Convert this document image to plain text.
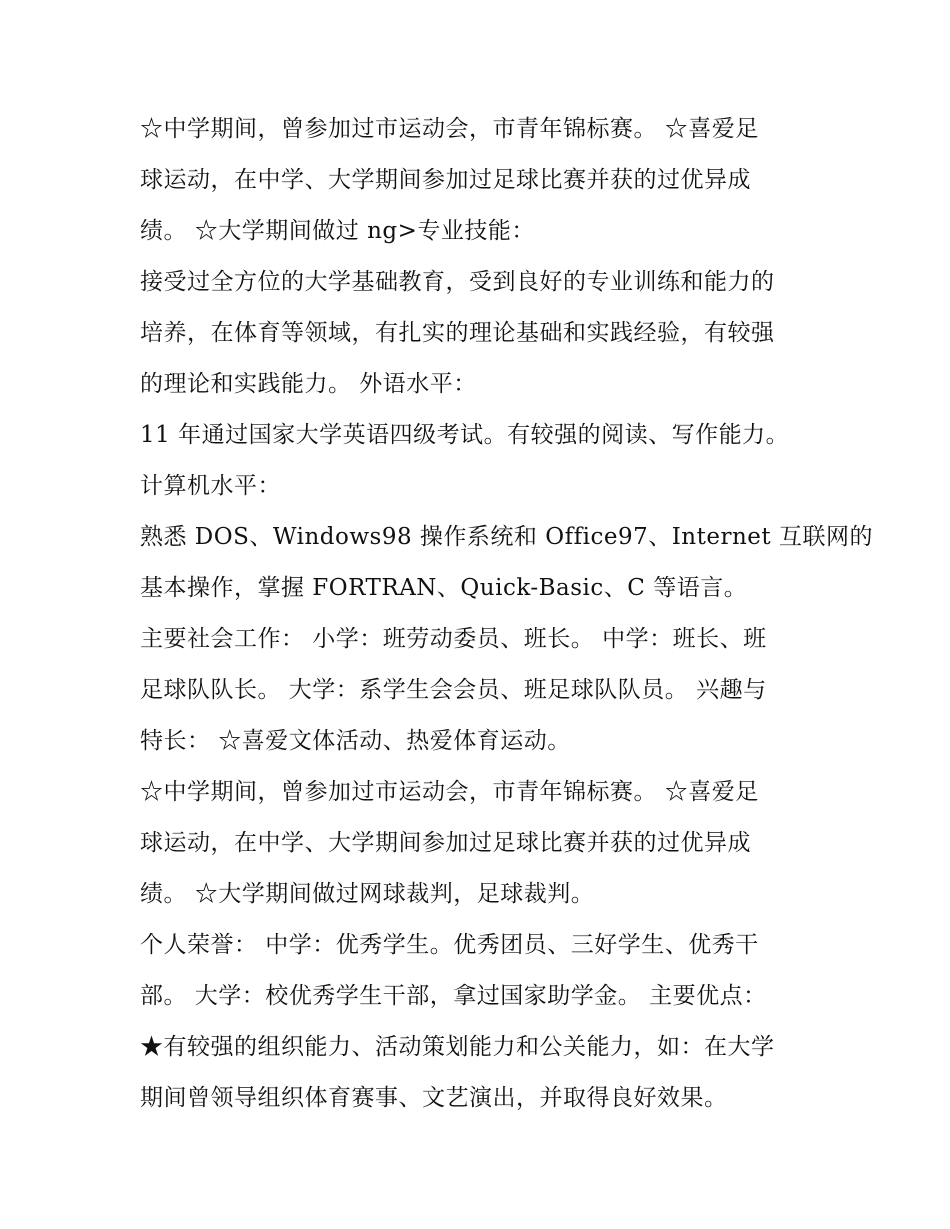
☆中学期间，曾参加过市运动会，市青年锦标赛。 ☆喜爱足
球运动，在中学、大学期间参加过足球比赛并获的过优异成
绩。 ☆大学期间做过 ng>专业技能：
接受过全方位的大学基础教育，受到良好的专业训练和能力的
培养，在体育等领域，有扎实的理论基础和实践经验，有较强
的理论和实践能力。 外语水平：
11 年通过国家大学英语四级考试。有较强的阅读、写作能力。
计算机水平：
熟悉 DOS、Windows98 操作系统和 Office97、Internet 互联网的
基本操作，掌握 FORTRAN、Quick-Basic、C 等语言。
主要社会工作： 小学：班劳动委员、班长。 中学：班长、班
足球队队长。 大学：系学生会会员、班足球队队员。 兴趣与
特长： ☆喜爱文体活动、热爱体育运动。
☆中学期间，曾参加过市运动会，市青年锦标赛。 ☆喜爱足
球运动，在中学、大学期间参加过足球比赛并获的过优异成
绩。 ☆大学期间做过网球裁判，足球裁判。
个人荣誉： 中学：优秀学生。优秀团员、三好学生、优秀干
部。 大学：校优秀学生干部，拿过国家助学金。 主要优点：
★有较强的组织能力、活动策划能力和公关能力，如：在大学
期间曾领导组织体育赛事、文艺演出，并取得良好效果。
